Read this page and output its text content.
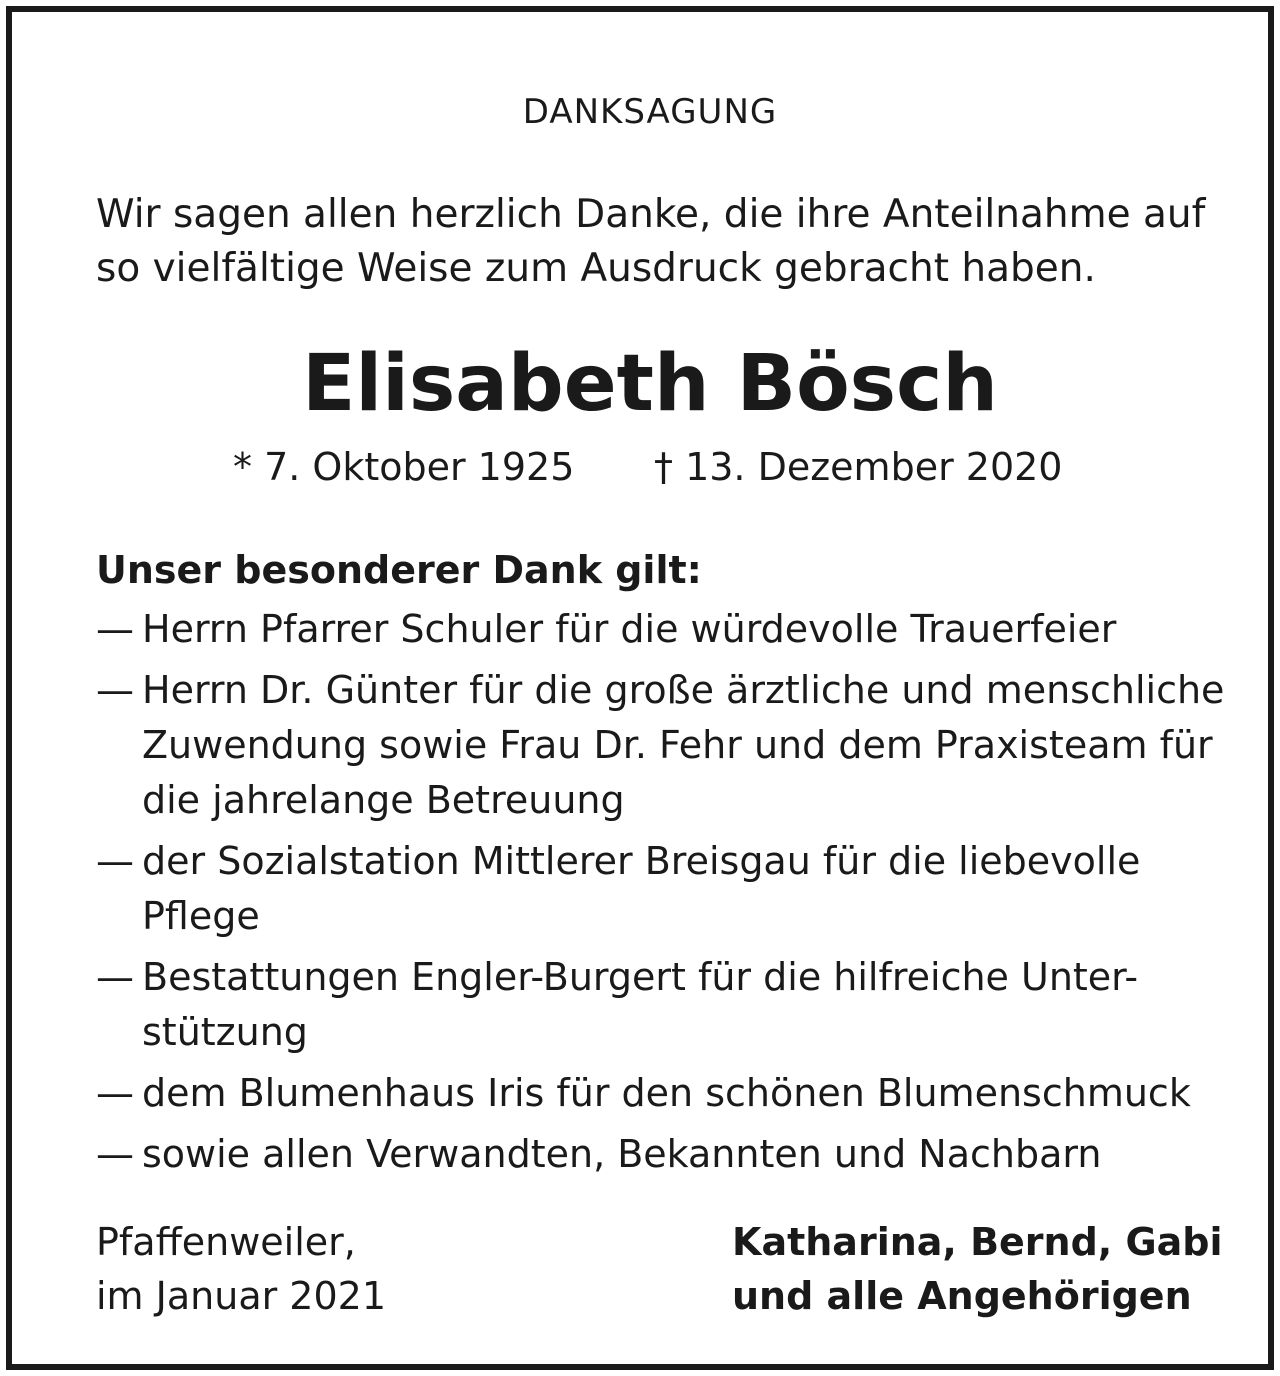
DANKSAGUNG
Wir sagen allen herzlich Danke, die ihre Anteilnahme auf
so vielfältige Weise zum Ausdruck gebracht haben.
Elisabeth Bösch
* 7. Oktober 1925 † 13. Dezember 2020
Unser besonderer Dank gilt:
— Herrn Pfarrer Schuler für die würdevolle Trauerfeier
— Herrn Dr. Günter für die große ärztliche und menschliche
Zuwendung sowie Frau Dr. Fehr und dem Praxisteam für
die jahrelange Betreuung
— der Sozialstation Mittlerer Breisgau für die liebevolle
Pflege
— Bestattungen Engler-Burgert für die hilfreiche Unter-
stützung
— dem Blumenhaus Iris für den schönen Blumenschmuck
— sowie allen Verwandten, Bekannten und Nachbarn
Pfaffenweiler,
im Januar 2021
Katharina, Bernd, Gabi
und alle Angehörigen
